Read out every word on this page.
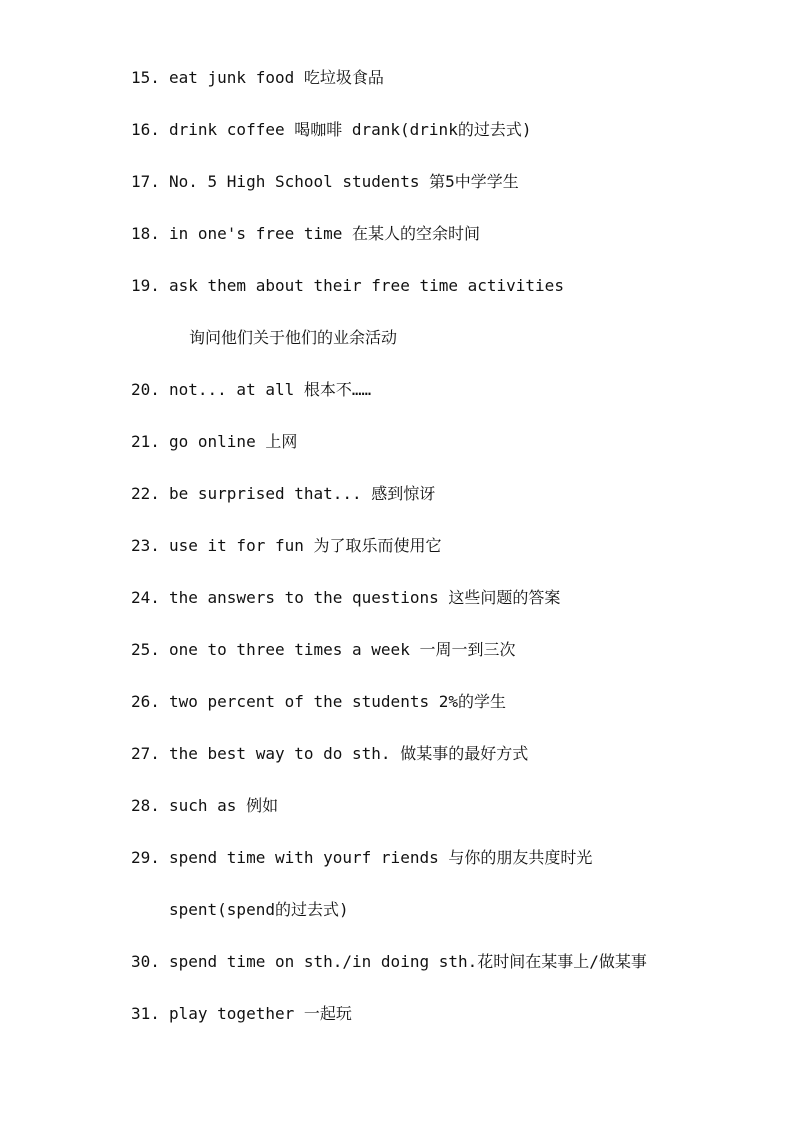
15. eat junk food 吃垃圾食品
16. drink coffee 喝咖啡 drank(drink的过去式)
17. No. 5 High School students 第5中学学生
18. in one's free time 在某人的空余时间
19. ask them about their free time activities
询问他们关于他们的业余活动
20. not... at all 根本不……
21. go online 上网
22. be surprised that... 感到惊讶
23. use it for fun 为了取乐而使用它
24. the answers to the questions 这些问题的答案
25. one to three times a week 一周一到三次
26. two percent of the students 2%的学生
27. the best way to do sth. 做某事的最好方式
28. such as 例如
29. spend time with yourf riends 与你的朋友共度时光
spent(spend的过去式)
30. spend time on sth./in doing sth.花时间在某事上/做某事
31. play together 一起玩
